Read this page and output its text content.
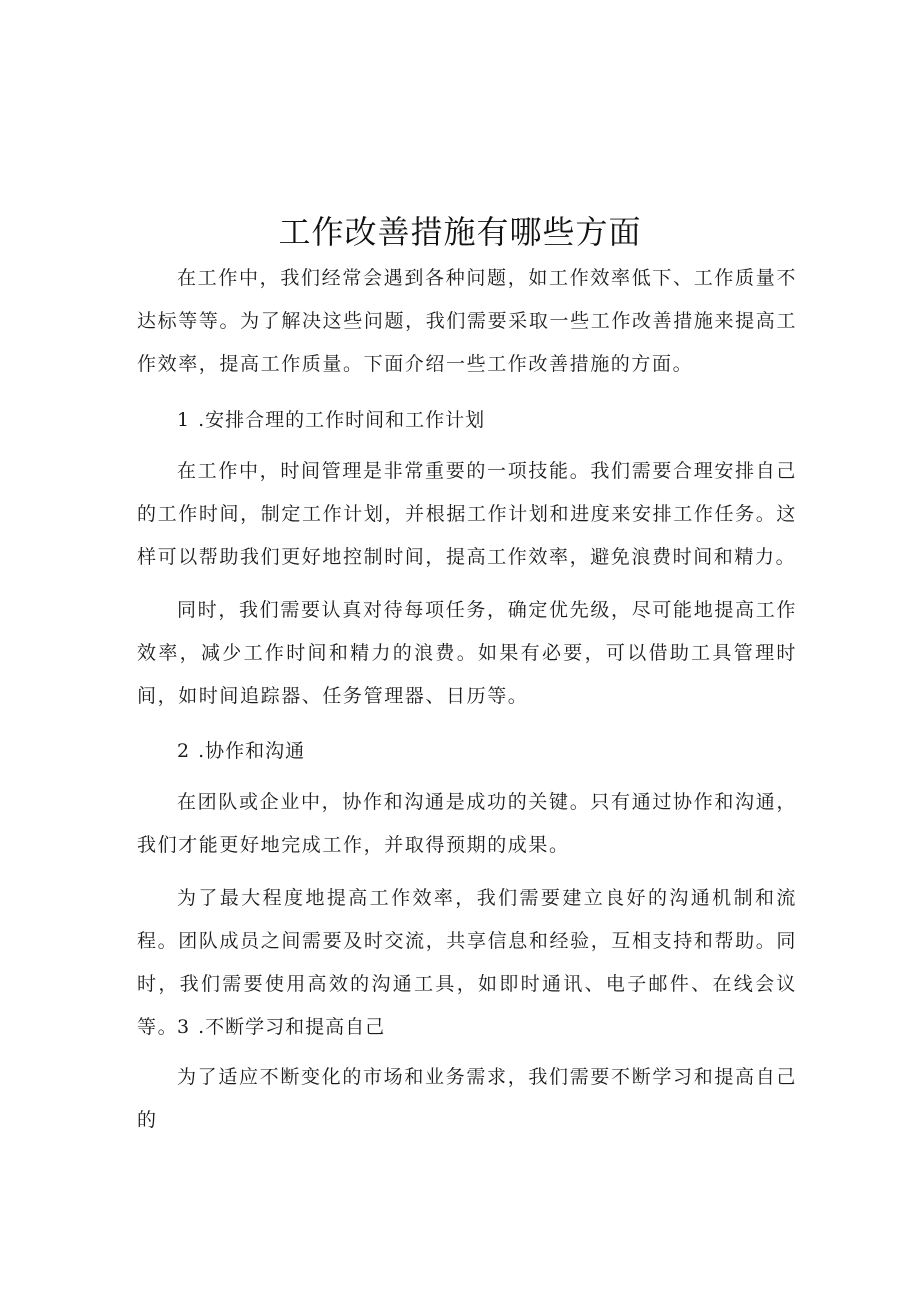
工作改善措施有哪些方面
在工作中，我们经常会遇到各种问题，如工作效率低下、工作质量不达标等等。为了解决这些问题，我们需要采取一些工作改善措施来提高工作效率，提高工作质量。下面介绍一些工作改善措施的方面。
1 .安排合理的工作时间和工作计划
在工作中，时间管理是非常重要的一项技能。我们需要合理安排自己的工作时间，制定工作计划，并根据工作计划和进度来安排工作任务。这样可以帮助我们更好地控制时间，提高工作效率，避免浪费时间和精力。
同时，我们需要认真对待每项任务，确定优先级，尽可能地提高工作效率，减少工作时间和精力的浪费。如果有必要，可以借助工具管理时间，如时间追踪器、任务管理器、日历等。
2 .协作和沟通
在团队或企业中，协作和沟通是成功的关键。只有通过协作和沟通，我们才能更好地完成工作，并取得预期的成果。
为了最大程度地提高工作效率，我们需要建立良好的沟通机制和流程。团队成员之间需要及时交流，共享信息和经验，互相支持和帮助。同时，我们需要使用高效的沟通工具，如即时通讯、电子邮件、在线会议等。
3 .不断学习和提高自己
为了适应不断变化的市场和业务需求，我们需要不断学习和提高自己的
